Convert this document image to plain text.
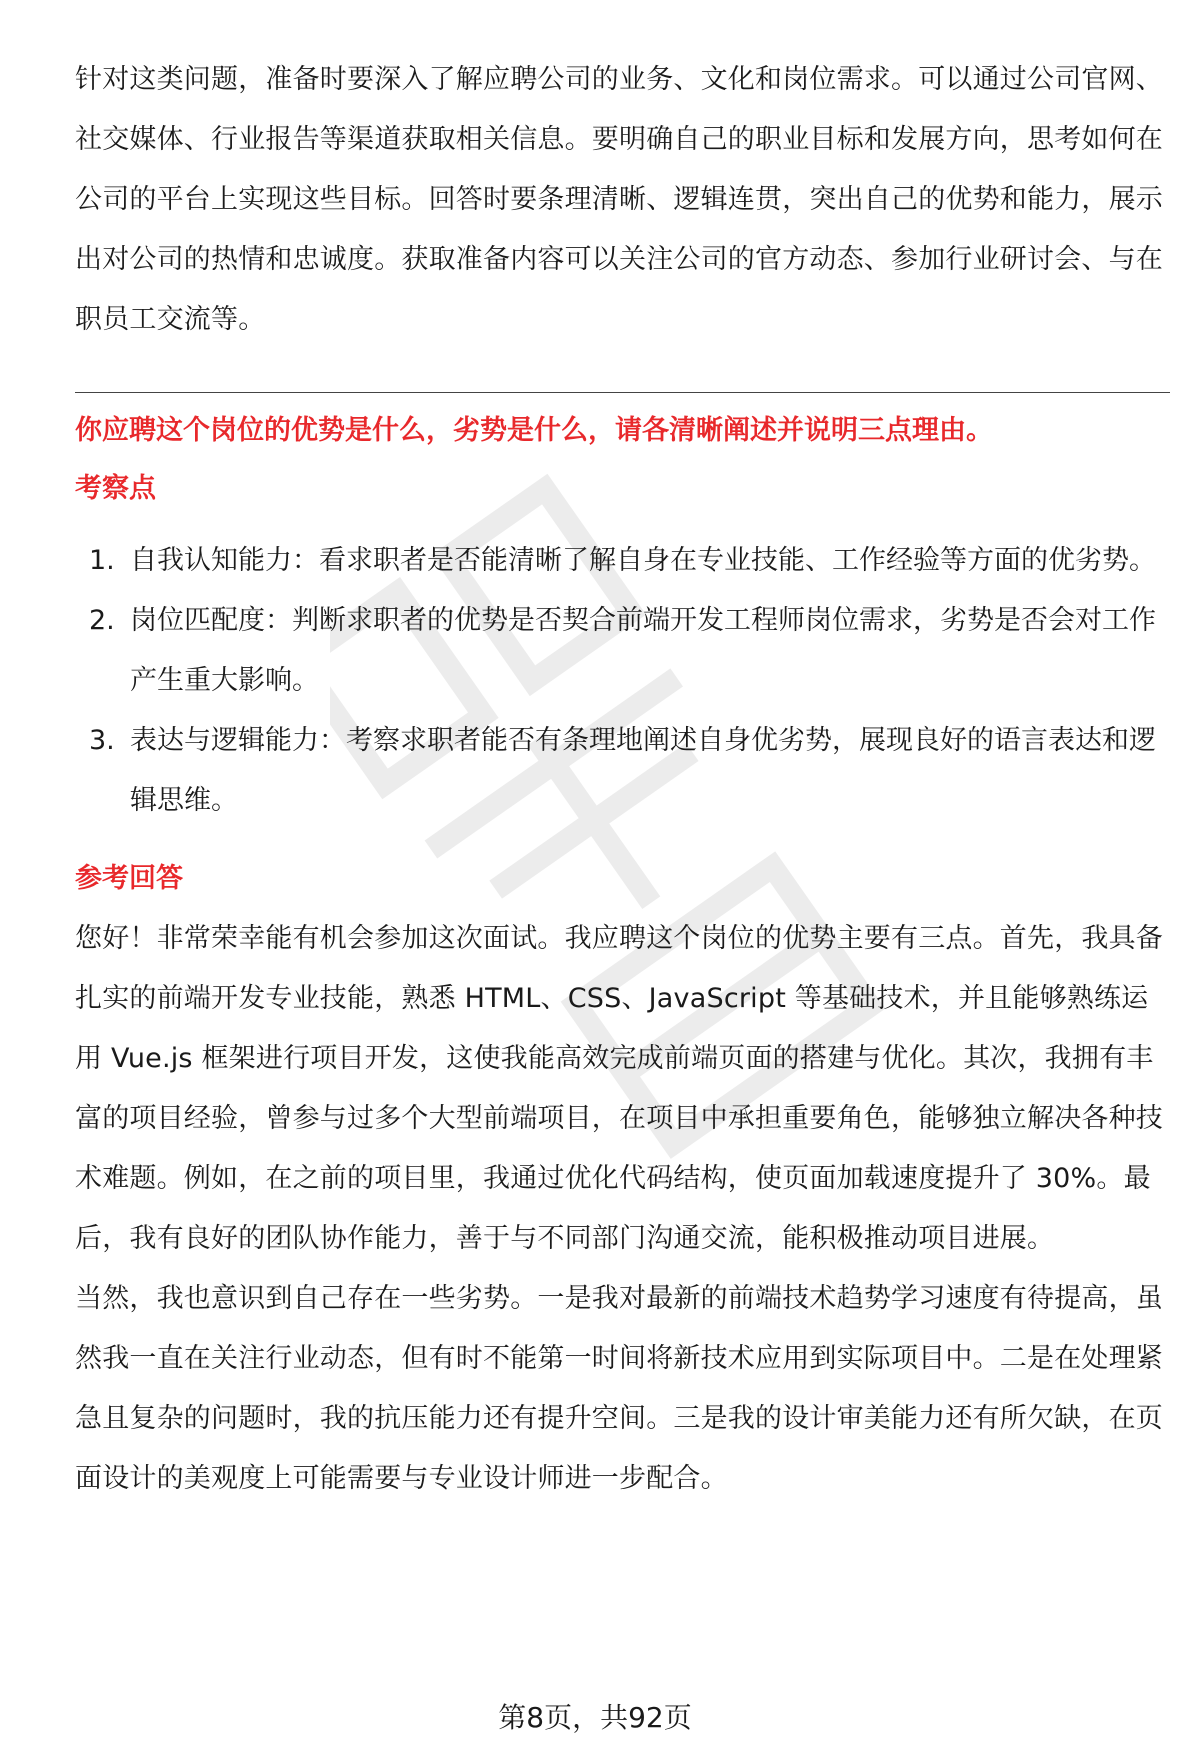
针对这类问题，准备时要深入了解应聘公司的业务、文化和岗位需求。可以通过公司官网、社交媒体、行业报告等渠道获取相关信息。要明确自己的职业目标和发展方向，思考如何在公司的平台上实现这些目标。回答时要条理清晰、逻辑连贯，突出自己的优势和能力，展示出对公司的热情和忠诚度。获取准备内容可以关注公司的官方动态、参加行业研讨会、与在职员工交流等。

你应聘这个岗位的优势是什么，劣势是什么，请各清晰阐述并说明三点理由。

考察点

1. 自我认知能力：看求职者是否能清晰了解自身在专业技能、工作经验等方面的优劣势。
2. 岗位匹配度：判断求职者的优势是否契合前端开发工程师岗位需求，劣势是否会对工作产生重大影响。
3. 表达与逻辑能力：考察求职者能否有条理地阐述自身优劣势，展现良好的语言表达和逻辑思维。

参考回答

您好！非常荣幸能有机会参加这次面试。我应聘这个岗位的优势主要有三点。首先，我具备扎实的前端开发专业技能，熟悉 HTML、CSS、JavaScript 等基础技术，并且能够熟练运用 Vue.js 框架进行项目开发，这使我能高效完成前端页面的搭建与优化。其次，我拥有丰富的项目经验，曾参与过多个大型前端项目，在项目中承担重要角色，能够独立解决各种技术难题。例如，在之前的项目里，我通过优化代码结构，使页面加载速度提升了 30%。最后，我有良好的团队协作能力，善于与不同部门沟通交流，能积极推动项目进展。

当然，我也意识到自己存在一些劣势。一是我对最新的前端技术趋势学习速度有待提高，虽然我一直在关注行业动态，但有时不能第一时间将新技术应用到实际项目中。二是在处理紧急且复杂的问题时，我的抗压能力还有提升空间。三是我的设计审美能力还有所欠缺，在页面设计的美观度上可能需要与专业设计师进一步配合。

第8页，共92页
